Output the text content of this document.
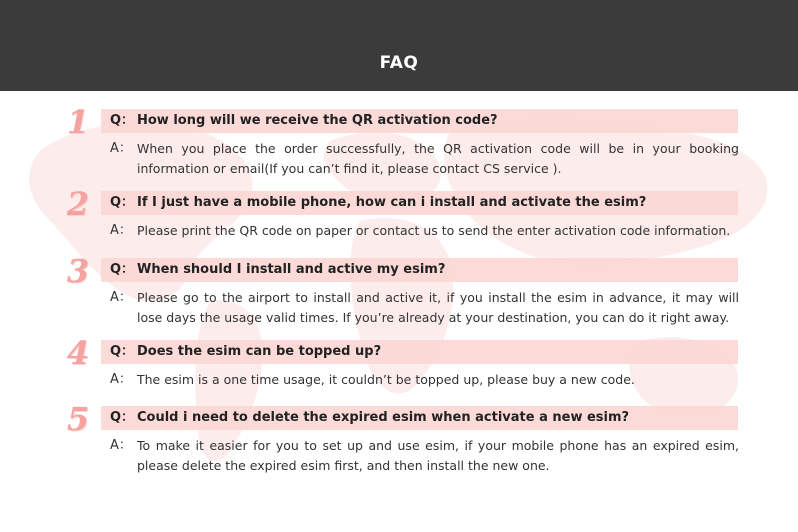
FAQ
1	Q： How long will we receive the QR activation code?
A： When you place the order successfully, the QR activation code will be in your booking information or email(If you can’t find it, please contact CS service ).
2	Q： If I just have a mobile phone, how can i install and activate the esim?
A： Please print the QR code on paper or contact us to send the enter activation code information.
3	Q： When should I install and active my esim?
A： Please go to the airport to install and active it, if you install the esim in advance, it may will lose days the usage valid times. If you’re already at your destination, you can do it right away.
4	Q： Does the esim can be topped up?
A： The esim is a one time usage, it couldn’t be topped up, please buy a new code.
5	Q： Could i need to delete the expired esim when activate a new esim?
A： To make it easier for you to set up and use esim, if your mobile phone has an expired esim, please delete the expired esim first, and then install the new one.
